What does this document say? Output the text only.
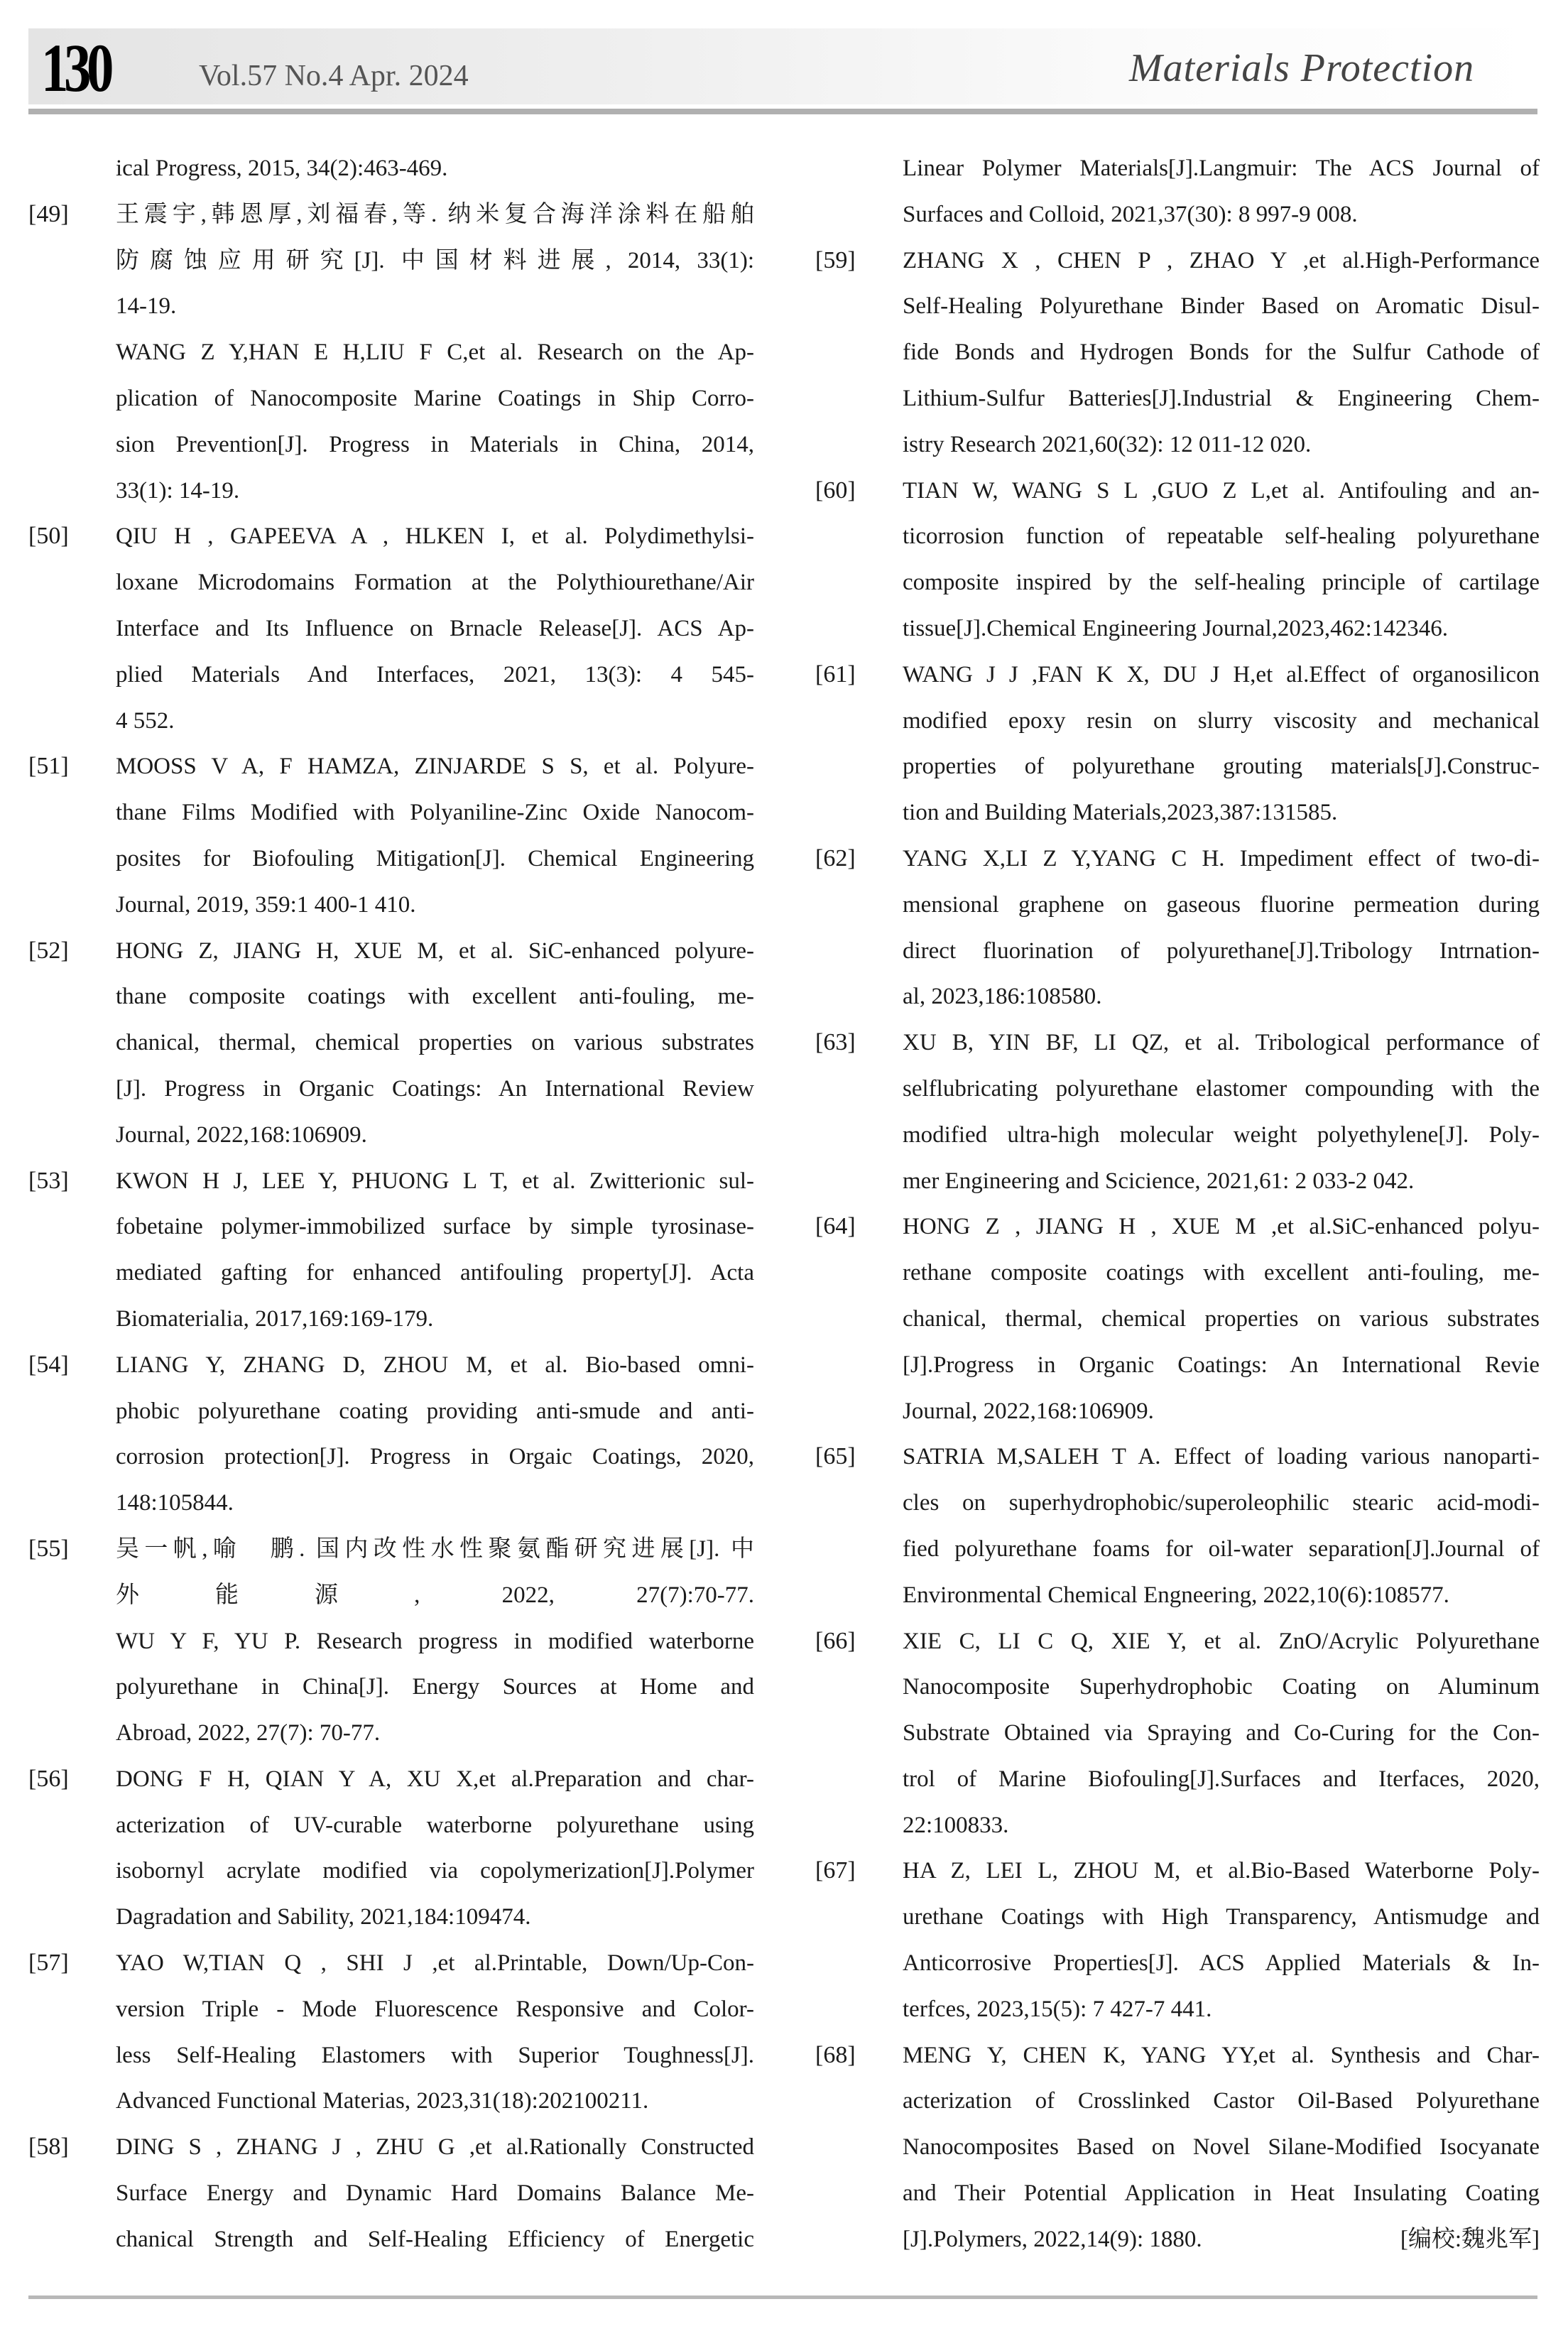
130	Vol.57 No.4 Apr. 2024	Materials Protection
ical Progress, 2015, 34(2):463-469.
[49] 王震宇,韩恩厚,刘福春,等. 纳米复合海洋涂料在船舶
防腐蚀应用研究[J]. 中国材料进展, 2014, 33(1):
14-19.
WANG Z Y,HAN E H,LIU F C,et al. Research on the Ap-
plication of Nanocomposite Marine Coatings in Ship Corro-
sion Prevention[J]. Progress in Materials in China, 2014,
33(1): 14-19.
[50] QIU H , GAPEEVA A , HLKEN I, et al. Polydimethylsi-
loxane Microdomains Formation at the Polythiourethane/Air
Interface and Its Influence on Brnacle Release[J]. ACS Ap-
plied Materials And Interfaces, 2021, 13(3): 4 545-
4 552.
[51] MOOSS V A, F HAMZA, ZINJARDE S S, et al. Polyure-
thane Films Modified with Polyaniline-Zinc Oxide Nanocom-
posites for Biofouling Mitigation[J]. Chemical Engineering
Journal, 2019, 359:1 400-1 410.
[52] HONG Z, JIANG H, XUE M, et al. SiC-enhanced polyure-
thane composite coatings with excellent anti-fouling, me-
chanical, thermal, chemical properties on various substrates
[J]. Progress in Organic Coatings: An International Review
Journal, 2022,168:106909.
[53] KWON H J, LEE Y, PHUONG L T, et al. Zwitterionic sul-
fobetaine polymer-immobilized surface by simple tyrosinase-
mediated gafting for enhanced antifouling property[J]. Acta
Biomaterialia, 2017,169:169-179.
[54] LIANG Y, ZHANG D, ZHOU M, et al. Bio-based omni-
phobic polyurethane coating providing anti-smude and anti-
corrosion protection[J]. Progress in Orgaic Coatings, 2020,
148:105844.
[55] 吴一帆,喻　鹏. 国内改性水性聚氨酯研究进展[J]. 中
外能源, 2022, 27(7):70-77.
WU Y F, YU P. Research progress in modified waterborne
polyurethane in China[J]. Energy Sources at Home and
Abroad, 2022, 27(7): 70-77.
[56] DONG F H, QIAN Y A, XU X,et al.Preparation and char-
acterization of UV-curable waterborne polyurethane using
isobornyl acrylate modified via copolymerization[J].Polymer
Dagradation and Sability, 2021,184:109474.
[57] YAO W,TIAN Q , SHI J ,et al.Printable, Down/Up-Con-
version Triple - Mode Fluorescence Responsive and Color-
less Self-Healing Elastomers with Superior Toughness[J].
Advanced Functional Materias, 2023,31(18):202100211.
[58] DING S , ZHANG J , ZHU G ,et al.Rationally Constructed
Surface Energy and Dynamic Hard Domains Balance Me-
chanical Strength and Self-Healing Efficiency of Energetic
Linear Polymer Materials[J].Langmuir: The ACS Journal of
Surfaces and Colloid, 2021,37(30): 8 997-9 008.
[59] ZHANG X , CHEN P , ZHAO Y ,et al.High-Performance
Self-Healing Polyurethane Binder Based on Aromatic Disul-
fide Bonds and Hydrogen Bonds for the Sulfur Cathode of
Lithium-Sulfur Batteries[J].Industrial & Engineering Chem-
istry Research 2021,60(32): 12 011-12 020.
[60] TIAN W, WANG S L ,GUO Z L,et al. Antifouling and an-
ticorrosion function of repeatable self-healing polyurethane
composite inspired by the self-healing principle of cartilage
tissue[J].Chemical Engineering Journal,2023,462:142346.
[61] WANG J J ,FAN K X, DU J H,et al.Effect of organosilicon
modified epoxy resin on slurry viscosity and mechanical
properties of polyurethane grouting materials[J].Construc-
tion and Building Materials,2023,387:131585.
[62] YANG X,LI Z Y,YANG C H. Impediment effect of two-di-
mensional graphene on gaseous fluorine permeation during
direct fluorination of polyurethane[J].Tribology Intrnation-
al, 2023,186:108580.
[63] XU B, YIN BF, LI QZ, et al. Tribological performance of
selflubricating polyurethane elastomer compounding with the
modified ultra-high molecular weight polyethylene[J]. Poly-
mer Engineering and Scicience, 2021,61: 2 033-2 042.
[64] HONG Z , JIANG H , XUE M ,et al.SiC-enhanced polyu-
rethane composite coatings with excellent anti-fouling, me-
chanical, thermal, chemical properties on various substrates
[J].Progress in Organic Coatings: An International Revie
Journal, 2022,168:106909.
[65] SATRIA M,SALEH T A. Effect of loading various nanoparti-
cles on superhydrophobic/superoleophilic stearic acid-modi-
fied polyurethane foams for oil-water separation[J].Journal of
Environmental Chemical Engneering, 2022,10(6):108577.
[66] XIE C, LI C Q, XIE Y, et al. ZnO/Acrylic Polyurethane
Nanocomposite Superhydrophobic Coating on Aluminum
Substrate Obtained via Spraying and Co-Curing for the Con-
trol of Marine Biofouling[J].Surfaces and Iterfaces, 2020,
22:100833.
[67] HA Z, LEI L, ZHOU M, et al.Bio-Based Waterborne Poly-
urethane Coatings with High Transparency, Antismudge and
Anticorrosive Properties[J]. ACS Applied Materials & In-
terfces, 2023,15(5): 7 427-7 441.
[68] MENG Y, CHEN K, YANG YY,et al. Synthesis and Char-
acterization of Crosslinked Castor Oil-Based Polyurethane
Nanocomposites Based on Novel Silane-Modified Isocyanate
and Their Potential Application in Heat Insulating Coating
[J].Polymers, 2022,14(9): 1880.	[编校:魏兆军]
